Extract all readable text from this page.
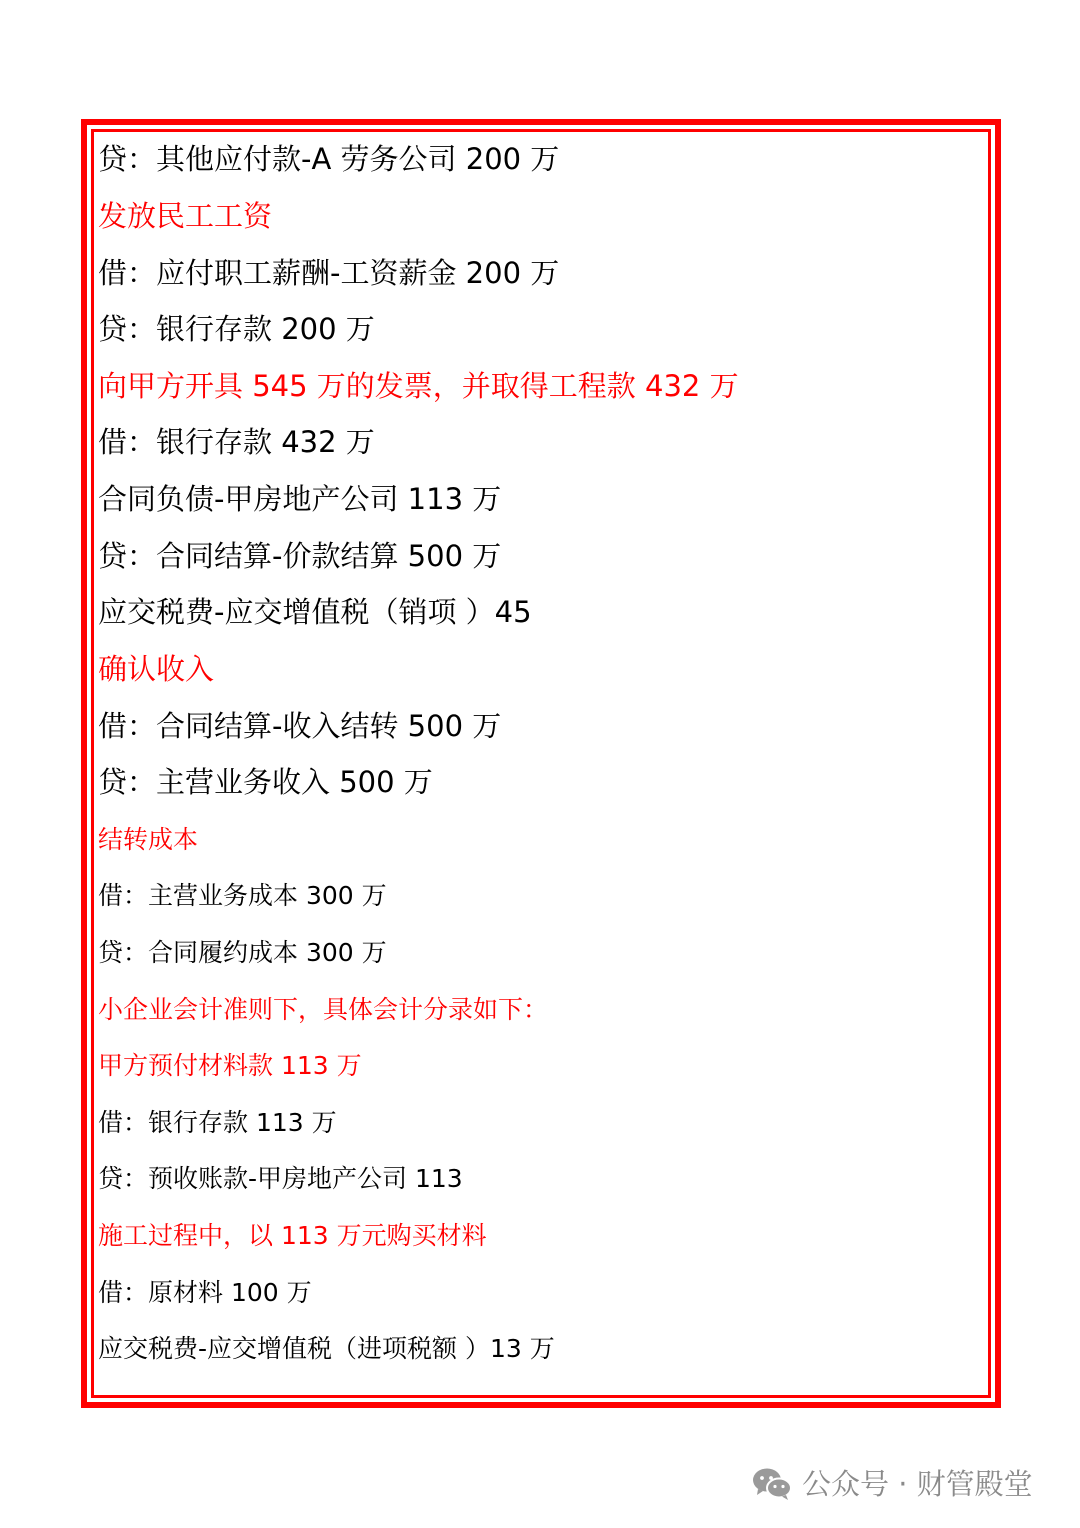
贷：其他应付款-A 劳务公司 200 万
发放民工工资
借：应付职工薪酬-工资薪金 200 万
贷：银行存款 200 万
向甲方开具 545 万的发票，并取得工程款 432 万
借：银行存款 432 万
合同负债-甲房地产公司 113 万
贷：合同结算-价款结算 500 万
应交税费-应交增值税（销项 ）45
确认收入
借：合同结算-收入结转 500 万
贷：主营业务收入 500 万
结转成本
借：主营业务成本 300 万
贷：合同履约成本 300 万
小企业会计准则下，具体会计分录如下：
甲方预付材料款 113 万
借：银行存款 113 万
贷：预收账款-甲房地产公司 113
施工过程中，以 113 万元购买材料
借：原材料 100 万
应交税费-应交增值税（进项税额 ）13 万
公众号 · 财管殿堂
